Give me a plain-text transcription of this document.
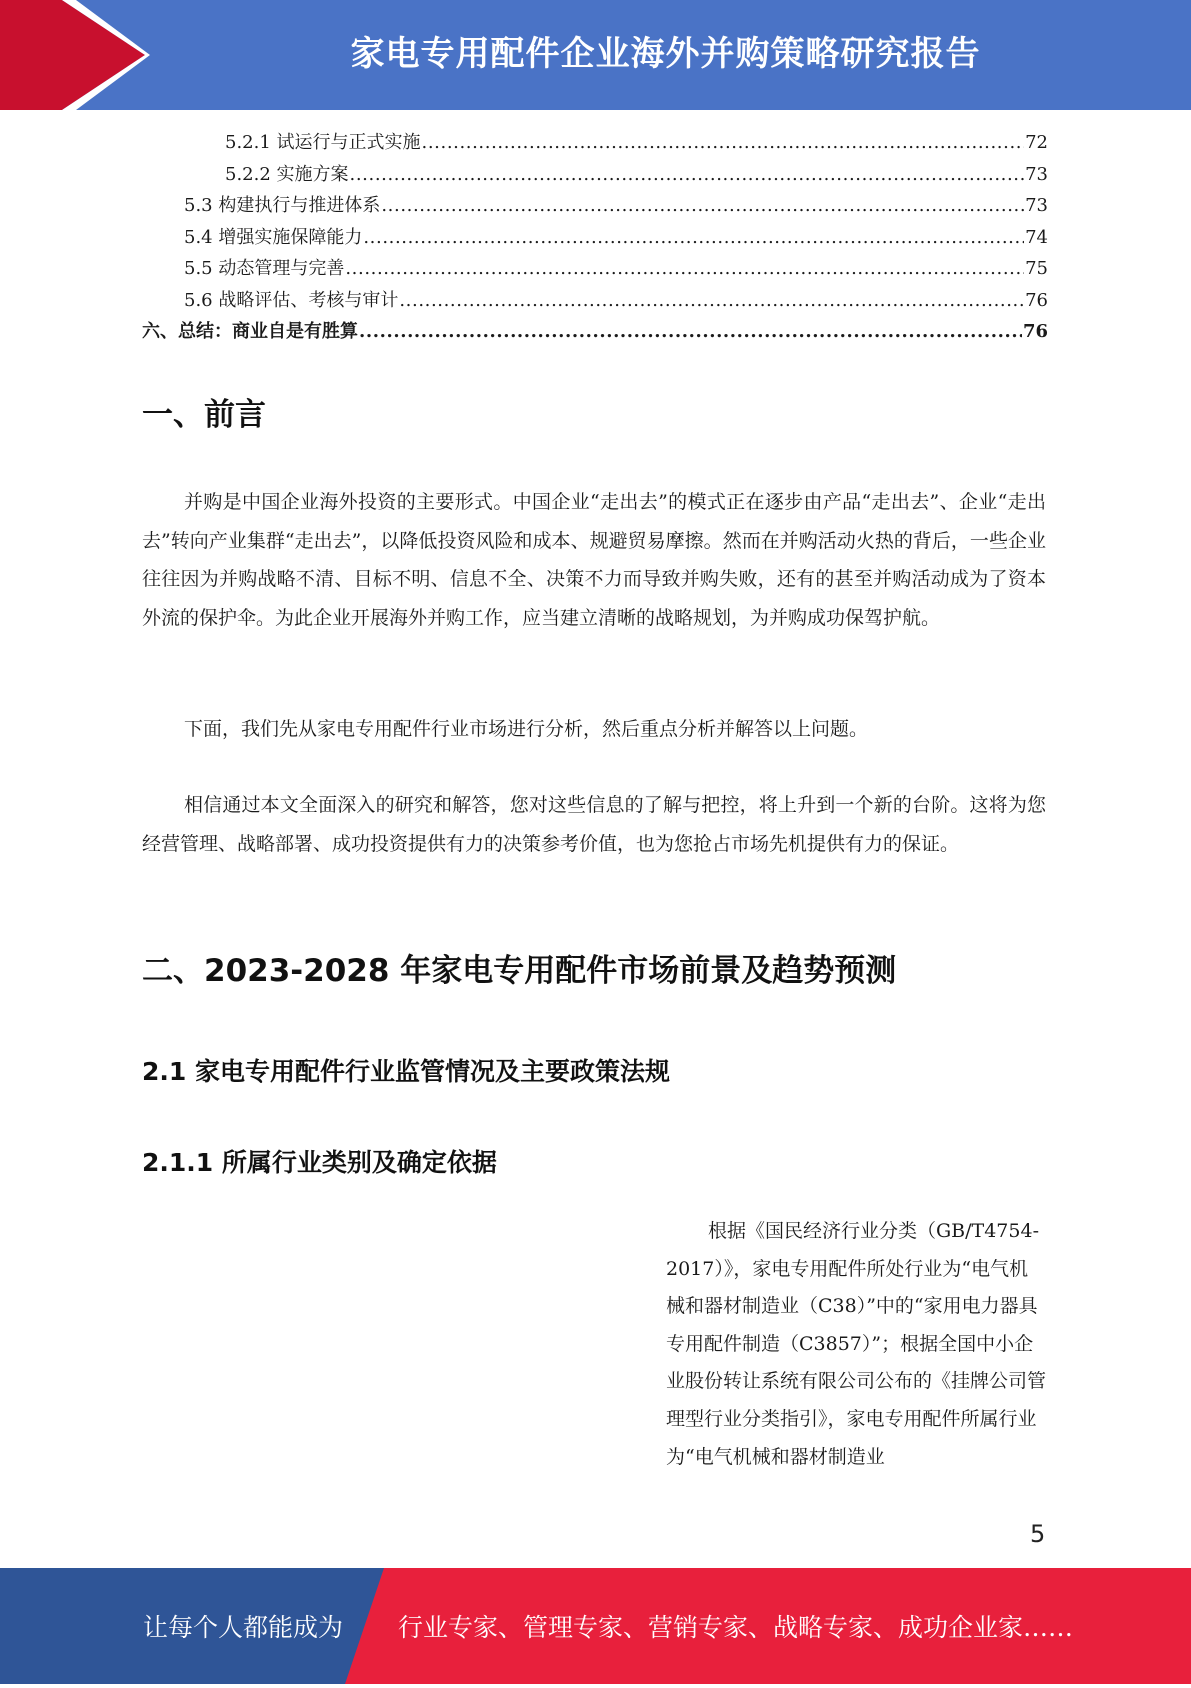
家电专用配件企业海外并购策略研究报告
5.2.1 试运行与正式实施 .....	72
5.2.2 实施方案 .....	73
5.3 构建执行与推进体系 .....	73
5.4 增强实施保障能力 .....	74
5.5 动态管理与完善 .....	75
5.6 战略评估、考核与审计 .....	76
六、总结：商业自是有胜算 .....	76
一、前言

并购是中国企业海外投资的主要形式。中国企业“走出去”的模式正在逐步由产品“走出去”、企业“走出去”转向产业集群“走出去”，以降低投资风险和成本、规避贸易摩擦。然而在并购活动火热的背后，一些企业往往因为并购战略不清、目标不明、信息不全、决策不力而导致并购失败，还有的甚至并购活动成为了资本外流的保护伞。为此企业开展海外并购工作，应当建立清晰的战略规划，为并购成功保驾护航。

下面，我们先从家电专用配件行业市场进行分析，然后重点分析并解答以上问题。

相信通过本文全面深入的研究和解答，您对这些信息的了解与把控，将上升到一个新的台阶。这将为您经营管理、战略部署、成功投资提供有力的决策参考价值，也为您抢占市场先机提供有力的保证。

二、2023-2028 年家电专用配件市场前景及趋势预测
2.1 家电专用配件行业监管情况及主要政策法规
2.1.1 所属行业类别及确定依据

根据《国民经济行业分类（GB/T4754-2017）》，家电专用配件所处行业为“电气机械和器材制造业（C38）”中的“家用电力器具专用配件制造（C3857）”；根据全国中小企业股份转让系统有限公司公布的《挂牌公司管理型行业分类指引》，家电专用配件所属行业为“电气机械和器材制造业

5
让每个人都能成为 行业专家、管理专家、营销专家、战略专家、成功企业家……
